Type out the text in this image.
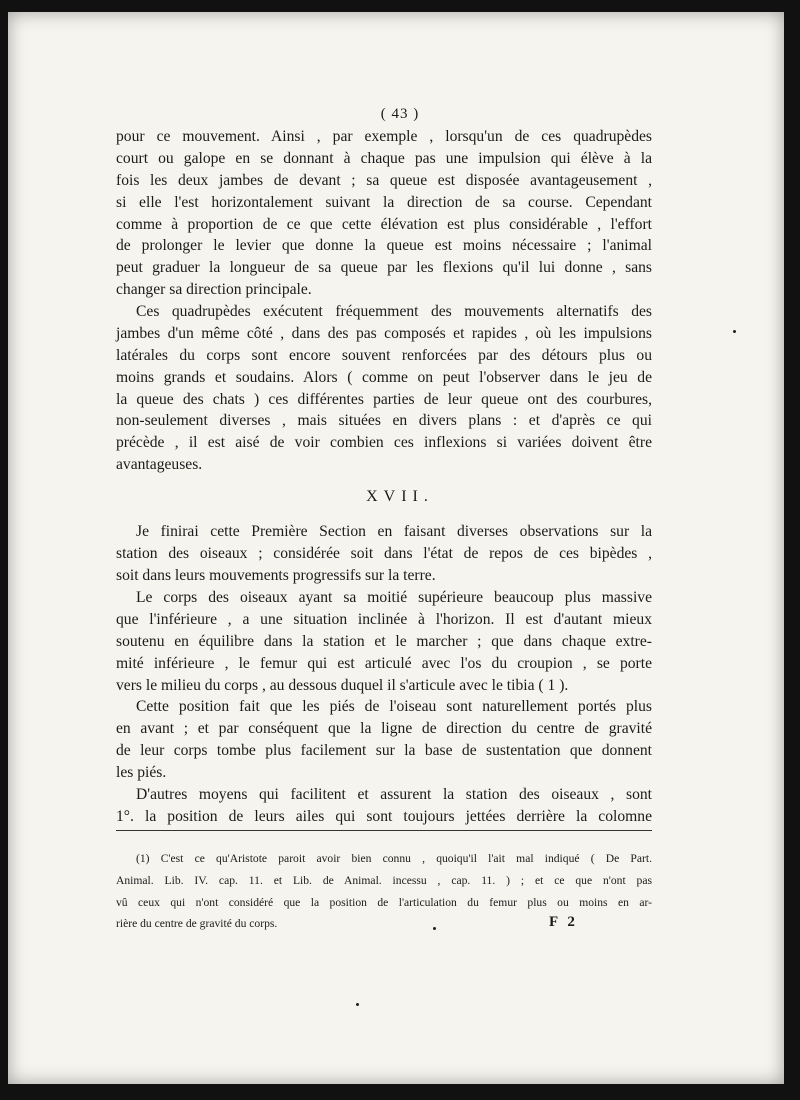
( 43 )
pour ce mouvement. Ainsi , par exemple , lorsqu'un de ces quadrupèdes
court ou galope en se donnant à chaque pas une impulsion qui élève à la
fois les deux jambes de devant ; sa queue est disposée avantageusement ,
si elle l'est horizontalement suivant la direction de sa course. Cependant
comme à proportion de ce que cette élévation est plus considérable , l'effort
de prolonger le levier que donne la queue est moins nécessaire ; l'animal
peut graduer la longueur de sa queue par les flexions qu'il lui donne , sans
changer sa direction principale.
Ces quadrupèdes exécutent fréquemment des mouvements alternatifs des
jambes d'un même côté , dans des pas composés et rapides , où les impulsions
latérales du corps sont encore souvent renforcées par des détours plus ou
moins grands et soudains. Alors ( comme on peut l'observer dans le jeu de
la queue des chats ) ces différentes parties de leur queue ont des courbures,
non-seulement diverses , mais situées en divers plans : et d'après ce qui
précède , il est aisé de voir combien ces inflexions si variées doivent être
avantageuses.
XVII.
Je finirai cette Première Section en faisant diverses observations sur la
station des oiseaux ; considérée soit dans l'état de repos de ces bipèdes ,
soit dans leurs mouvements progressifs sur la terre.
Le corps des oiseaux ayant sa moitié supérieure beaucoup plus massive
que l'inférieure , a une situation inclinée à l'horizon. Il est d'autant mieux
soutenu en équilibre dans la station et le marcher ; que dans chaque extre-
mité inférieure , le femur qui est articulé avec l'os du croupion , se porte
vers le milieu du corps , au dessous duquel il s'articule avec le tibia ( 1 ).
Cette position fait que les piés de l'oiseau sont naturellement portés plus
en avant ; et par conséquent que la ligne de direction du centre de gravité
de leur corps tombe plus facilement sur la base de sustentation que donnent
les piés.
D'autres moyens qui facilitent et assurent la station des oiseaux , sont
1°. la position de leurs ailes qui sont toujours jettées derrière la colomne
(1) C'est ce qu'Aristote paroit avoir bien connu , quoiqu'il l'ait mal indiqué ( De Part.
Animal. Lib. IV. cap. 11. et Lib. de Animal. incessu , cap. 11. ) ; et ce que n'ont pas
vû ceux qui n'ont considéré que la position de l'articulation du femur plus ou moins en ar-
rière du centre de gravité du corps.	F 2
